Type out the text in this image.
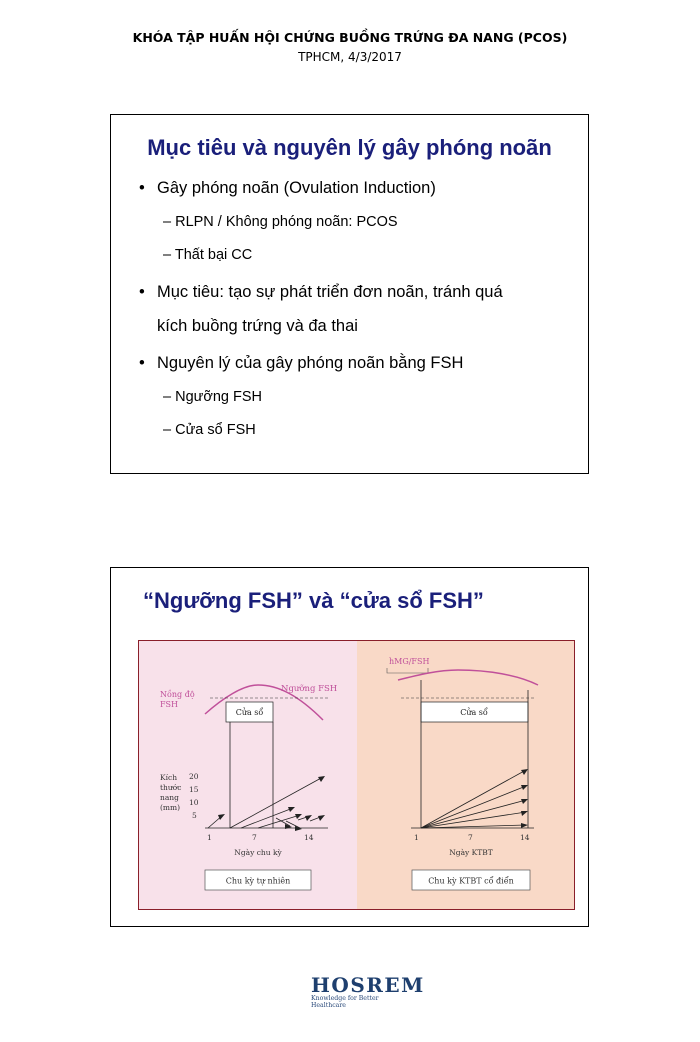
KHÓA TẬP HUẤN HỘI CHỨNG BUỒNG TRỨNG ĐA NANG (PCOS)
TPHCM, 4/3/2017
Mục tiêu và nguyên lý gây phóng noãn
• Gây phóng noãn (Ovulation Induction)
– RLPN / Không phóng noãn: PCOS
– Thất bại CC
• Mục tiêu: tạo sự phát triển đơn noãn, tránh quá
kích buồng trứng và đa thai
• Nguyên lý của gây phóng noãn bằng FSH
– Ngưỡng FSH
– Cửa sổ FSH
“Ngưỡng FSH” và “cửa sổ FSH”
Nồng độ
FSH
Ngưỡng FSH
Cửa sổ
Kích
thước
nang
(mm)
20
15
10
5
1	7	14
Ngày chu kỳ
Chu kỳ tự nhiên
hMG/FSH
Cửa sổ
1	7	14
Ngày KTBT
Chu kỳ KTBT cổ điển
HOSREM
Knowledge for Better Healthcare
